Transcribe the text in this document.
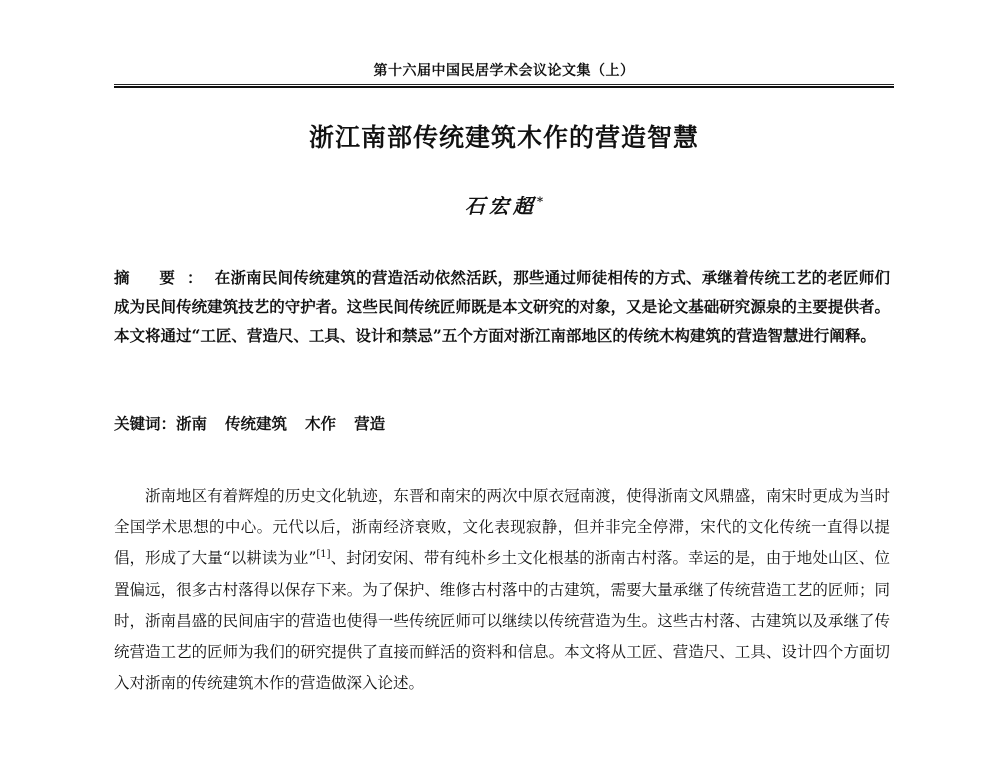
第十六届中国民居学术会议论文集（上）
浙江南部传统建筑木作的营造智慧
石宏超*
摘 要：在浙南民间传统建筑的营造活动依然活跃，那些通过师徒相传的方式、承继着传统工艺的老匠师们成为民间传统建筑技艺的守护者。这些民间传统匠师既是本文研究的对象，又是论文基础研究源泉的主要提供者。本文将通过“工匠、营造尺、工具、设计和禁忌”五个方面对浙江南部地区的传统木构建筑的营造智慧进行阐释。
关键词：浙南 传统建筑 木作 营造

浙南地区有着辉煌的历史文化轨迹，东晋和南宋的两次中原衣冠南渡，使得浙南文风鼎盛，南宋时更成为当时全国学术思想的中心。元代以后，浙南经济衰败，文化表现寂静，但并非完全停滞，宋代的文化传统一直得以提倡，形成了大量“以耕读为业”[1]、封闭安闲、带有纯朴乡土文化根基的浙南古村落。幸运的是，由于地处山区、位置偏远，很多古村落得以保存下来。为了保护、维修古村落中的古建筑，需要大量承继了传统营造工艺的匠师；同时，浙南昌盛的民间庙宇的营造也使得一些传统匠师可以继续以传统营造为生。这些古村落、古建筑以及承继了传统营造工艺的匠师为我们的研究提供了直接而鲜活的资料和信息。本文将从工匠、营造尺、工具、设计四个方面切入对浙南的传统建筑木作的营造做深入论述。
